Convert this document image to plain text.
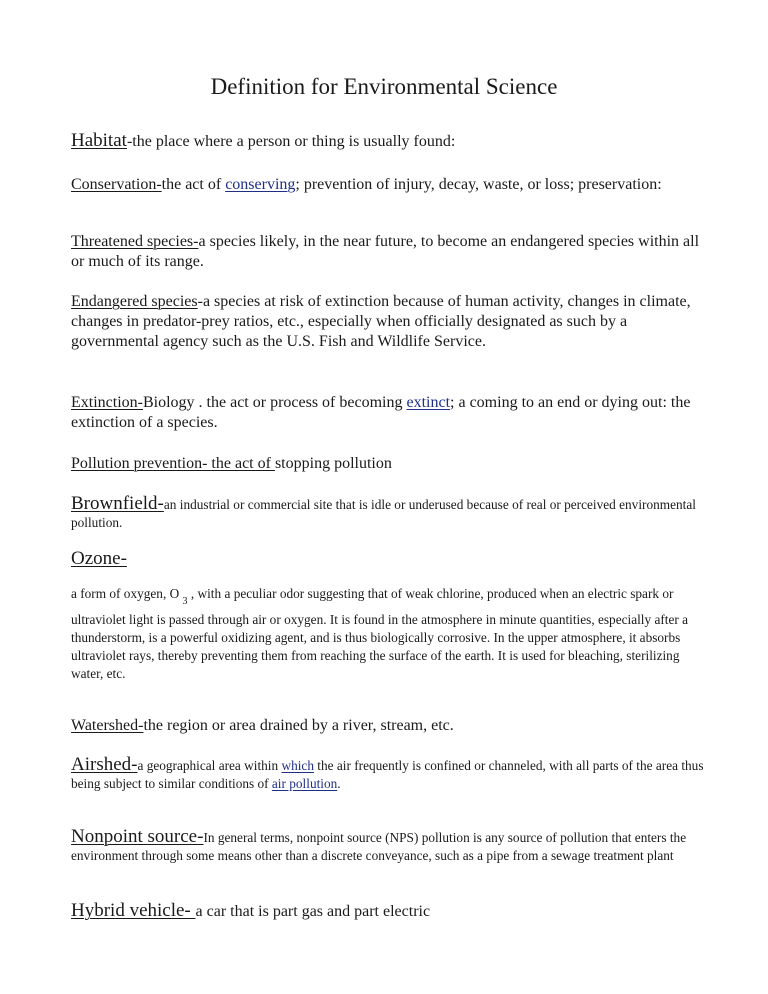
Definition for Environmental Science

Habitat-the place where a person or thing is usually found:

Conservation-the act of conserving; prevention of injury, decay, waste, or loss; preservation:

Threatened species-a species likely, in the near future, to become an endangered species within all or much of its range.

Endangered species-a species at risk of extinction because of human activity, changes in climate, changes in predator-prey ratios, etc., especially when officially designated as such by a governmental agency such as the U.S. Fish and Wildlife Service.

Extinction-Biology . the act or process of becoming extinct; a coming to an end or dying out: the extinction of a species.

Pollution prevention- the act of stopping pollution

Brownfield-an industrial or commercial site that is idle or underused because of real or perceived environmental pollution.

Ozone-

a form of oxygen, O $_3$ , with a peculiar odor suggesting that of weak chlorine, produced when an electric spark or ultraviolet light is passed through air or oxygen. It is found in the atmosphere in minute quantities, especially after a thunderstorm, is a powerful oxidizing agent, and is thus biologically corrosive. In the upper atmosphere, it absorbs ultraviolet rays, thereby preventing them from reaching the surface of the earth. It is used for bleaching, sterilizing water, etc.

Watershed-the region or area drained by a river, stream, etc.

Airshed-a geographical area within which the air frequently is confined or channeled, with all parts of the area thus being subject to similar conditions of air pollution.

Nonpoint source-In general terms, nonpoint source (NPS) pollution is any source of pollution that enters the environment through some means other than a discrete conveyance, such as a pipe from a sewage treatment plant

Hybrid vehicle- a car that is part gas and part electric
